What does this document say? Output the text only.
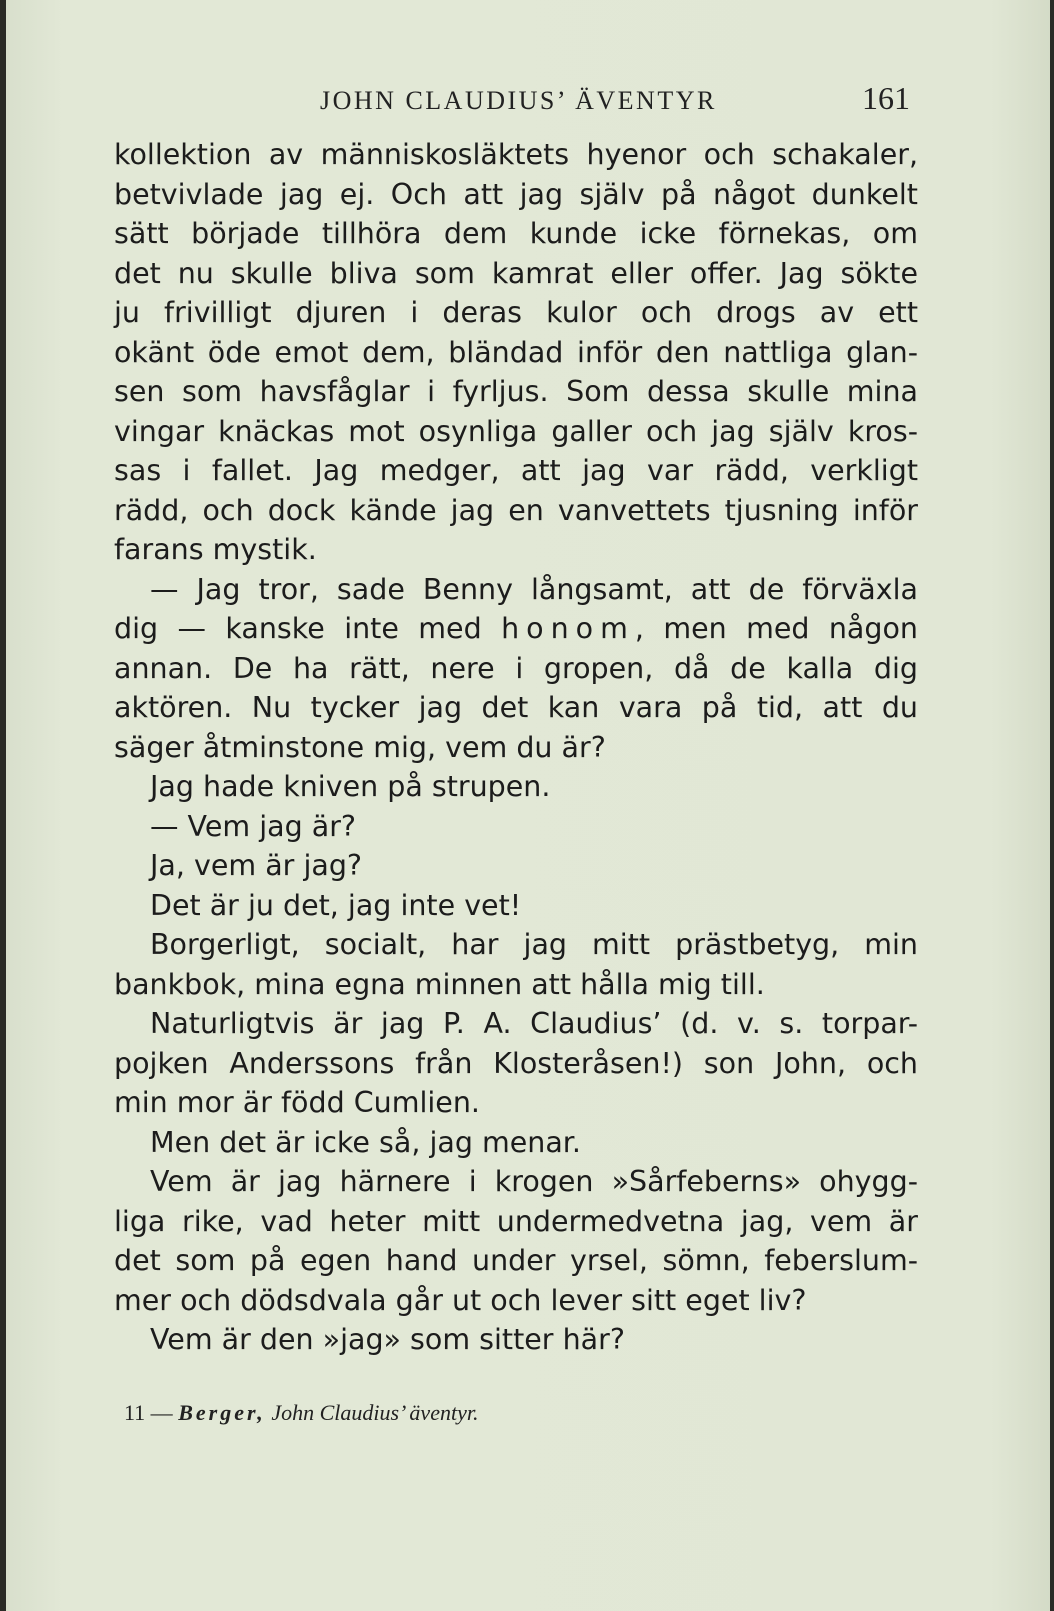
JOHN CLAUDIUS’ ÄVENTYR	161
kollektion av människosläktets hyenor och schakaler,
betvivlade jag ej. Och att jag själv på något dunkelt
sätt började tillhöra dem kunde icke förnekas, om
det nu skulle bliva som kamrat eller offer. Jag sökte
ju frivilligt djuren i deras kulor och drogs av ett
okänt öde emot dem, bländad inför den nattliga glan-
sen som havsfåglar i fyrljus. Som dessa skulle mina
vingar knäckas mot osynliga galler och jag själv kros-
sas i fallet. Jag medger, att jag var rädd, verkligt
rädd, och dock kände jag en vanvettets tjusning inför
farans mystik.
— Jag tror, sade Benny långsamt, att de förväxla
dig — kanske inte med honom, men med någon
annan. De ha rätt, nere i gropen, då de kalla dig
aktören. Nu tycker jag det kan vara på tid, att du
säger åtminstone mig, vem du är?
Jag hade kniven på strupen.
— Vem jag är?
Ja, vem är jag?
Det är ju det, jag inte vet!
Borgerligt, socialt, har jag mitt prästbetyg, min
bankbok, mina egna minnen att hålla mig till.
Naturligtvis är jag P. A. Claudius’ (d. v. s. torpar-
pojken Anderssons från Klosteråsen!) son John, och
min mor är född Cumlien.
Men det är icke så, jag menar.
Vem är jag härnere i krogen »Sårfeberns» ohygg-
liga rike, vad heter mitt undermedvetna jag, vem är
det som på egen hand under yrsel, sömn, feberslum-
mer och dödsdvala går ut och lever sitt eget liv?
Vem är den »jag» som sitter här?
11 — Berger, John Claudius’ äventyr.
